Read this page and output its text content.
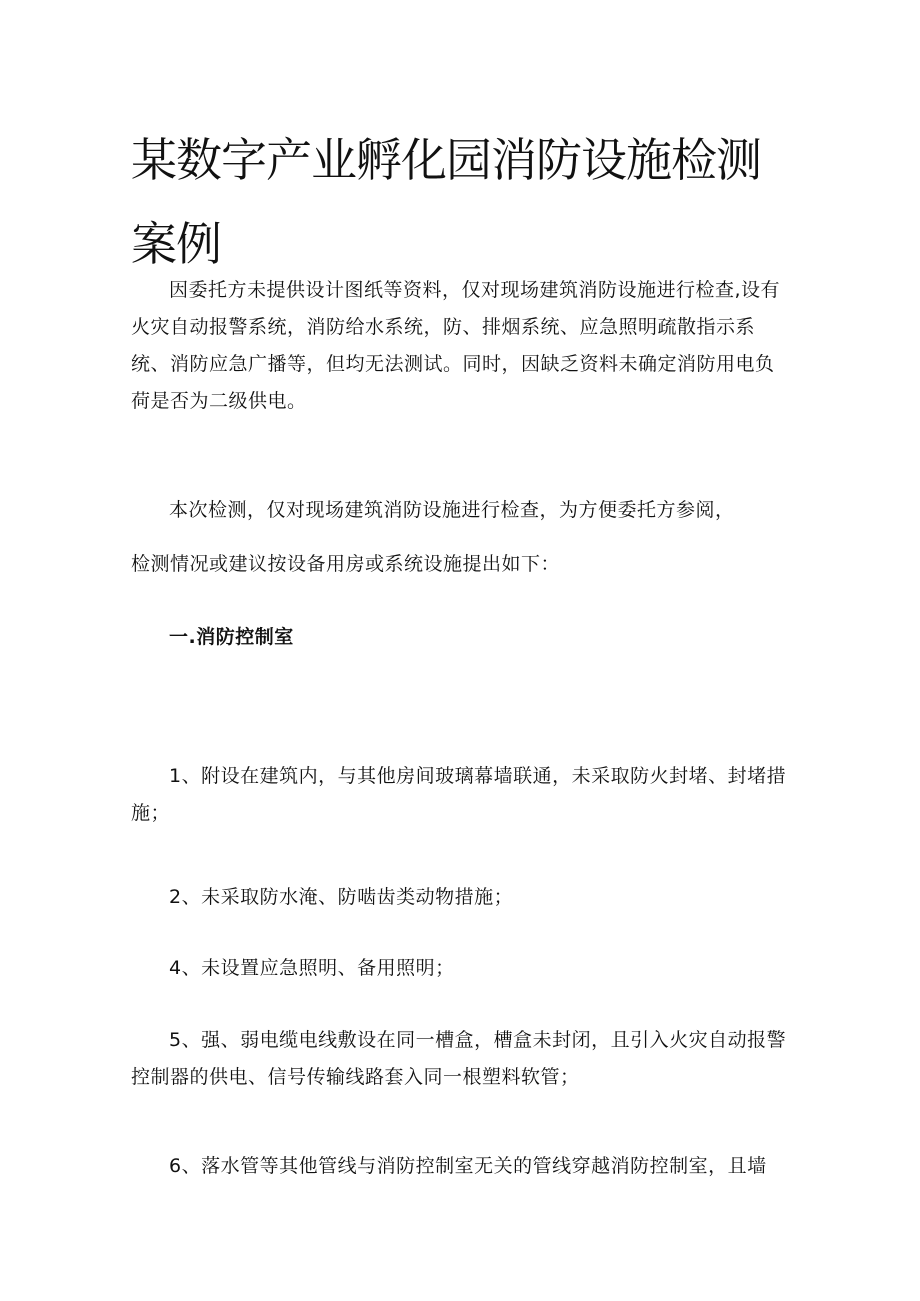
某数字产业孵化园消防设施检测案例

因委托方未提供设计图纸等资料，仅对现场建筑消防设施进行检查,设有火灾自动报警系统，消防给水系统，防、排烟系统、应急照明疏散指示系统、消防应急广播等，但均无法测试。同时，因缺乏资料未确定消防用电负荷是否为二级供电。

本次检测，仅对现场建筑消防设施进行检查，为方便委托方参阅，

检测情况或建议按设备用房或系统设施提出如下：

一.消防控制室

1、附设在建筑内，与其他房间玻璃幕墙联通，未采取防火封堵、封堵措施；

2、未采取防水淹、防啮齿类动物措施；

4、未设置应急照明、备用照明；

5、强、弱电缆电线敷设在同一槽盒，槽盒未封闭，且引入火灾自动报警控制器的供电、信号传输线路套入同一根塑料软管；

6、落水管等其他管线与消防控制室无关的管线穿越消防控制室，且墙
